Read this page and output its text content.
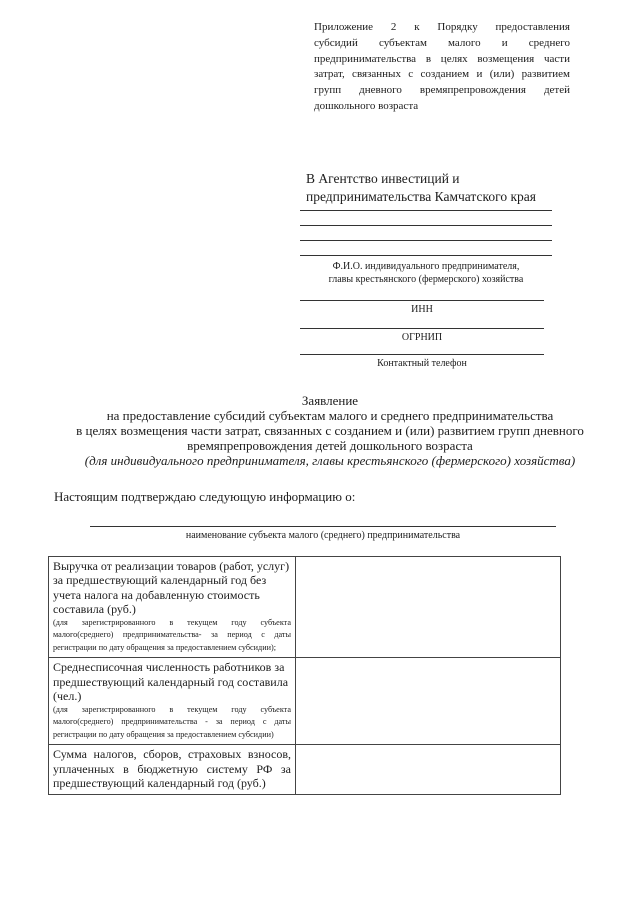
Приложение 2 к Порядку предоставления
субсидий субъектам малого и среднего
предпринимательства в целях возмещения части
затрат, связанных с созданием и (или) развитием
групп дневного времяпрепровождения детей
дошкольного возраста
В Агентство инвестиций и
предпринимательства Камчатского края
Ф.И.О. индивидуального предпринимателя,
главы крестьянского (фермерского) хозяйства
ИНН
ОГРНИП
Контактный телефон
Заявление
на предоставление субсидий субъектам малого и среднего предпринимательства
в целях возмещения части затрат, связанных с созданием и (или) развитием групп дневного
времяпрепровождения детей дошкольного возраста
(для индивидуального предпринимателя, главы крестьянского (фермерского) хозяйства)
Настоящим подтверждаю следующую информацию о:
наименование субъекта малого (среднего) предпринимательства
Выручка от реализации товаров (работ, услуг) за предшествующий календарный год без учета налога на добавленную стоимость составила (руб.)
(для зарегистрированного в текущем году субъекта малого(среднего) предпринимательства- за период с даты регистрации по дату обращения за предоставлением субсидии);	

Среднесписочная численность работников за предшествующий календарный год составила (чел.)
(для зарегистрированного в текущем году субъекта малого(среднего) предпринимательства - за период с даты регистрации по дату обращения за предоставлением субсидии)	

Сумма налогов, сборов, страховых взносов, уплаченных в бюджетную систему РФ за предшествующий календарный год (руб.)	
